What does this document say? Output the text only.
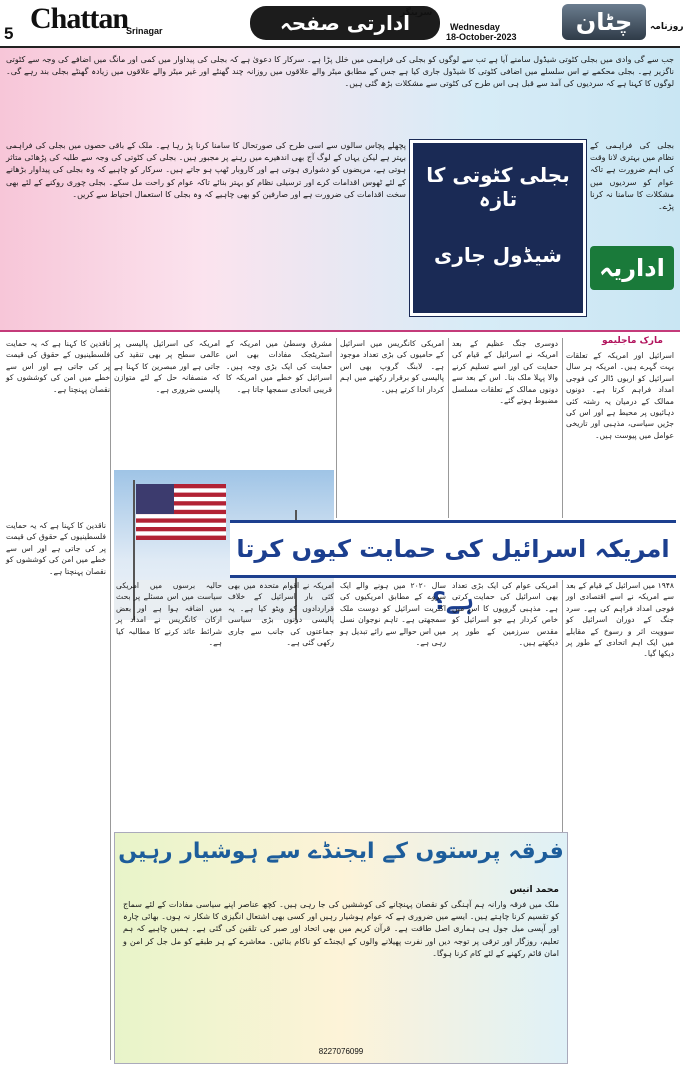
5 Chattan
Srinagar	ادارتی صفحہ	Wednesday
18-October-2023
چٹان	روزنامہ
سرینگر
جب سے گی وادی میں بجلی کٹوتی شیڈول سامنے آیا ہے تب سے لوگوں کو بجلی کی فراہمی میں خلل پڑا ہے۔ سرکار کا دعویٰ ہے کہ بجلی کی پیداوار میں کمی اور مانگ میں اضافے کی وجہ سے کٹوتی ناگزیر ہے۔ بجلی محکمے نے اس سلسلے میں اضافی کٹوتی کا شیڈول جاری کیا ہے جس کے مطابق میٹر والے علاقوں میں روزانہ چند گھنٹے اور غیر میٹر والے علاقوں میں زیادہ گھنٹے بجلی بند رہے گی۔ لوگوں کا کہنا ہے کہ سردیوں کی آمد سے قبل ہی اس طرح کی کٹوتی سے مشکلات بڑھ گئی ہیں۔
پچھلے پچاس سالوں سے اسی طرح کی صورتحال کا سامنا کرنا پڑ رہا ہے۔ ملک کے باقی حصوں میں بجلی کی فراہمی بہتر ہے لیکن یہاں کے لوگ آج بھی اندھیرے میں رہنے پر مجبور ہیں۔ بجلی کی کٹوتی کی وجہ سے طلبہ کی پڑھائی متاثر ہوتی ہے، مریضوں کو دشواری ہوتی ہے اور کاروبار ٹھپ ہو جاتے ہیں۔ سرکار کو چاہیے کہ وہ بجلی کی پیداوار بڑھانے کے لئے ٹھوس اقدامات کرے اور ترسیلی نظام کو بہتر بنائے تاکہ عوام کو راحت مل سکے۔ بجلی چوری روکنے کے لئے بھی سخت اقدامات کی ضرورت ہے اور صارفین کو بھی چاہیے کہ وہ بجلی کا استعمال احتیاط سے کریں۔
بجلی کٹوتی کا تازہ
شیڈول جاری
بجلی کی فراہمی کے نظام میں بہتری لانا وقت کی اہم ضرورت ہے تاکہ عوام کو سردیوں میں مشکلات کا سامنا نہ کرنا پڑے۔
اداریہ
مارک ماجلیمو
اسرائیل اور امریکہ کے تعلقات بہت گہرے ہیں۔ امریکہ ہر سال اسرائیل کو اربوں ڈالر کی فوجی امداد فراہم کرتا ہے۔ دونوں ممالک کے درمیان یہ رشتہ کئی دہائیوں پر محیط ہے اور اس کی جڑیں سیاسی، مذہبی اور تاریخی عوامل میں پیوست ہیں۔
دوسری جنگ عظیم کے بعد امریکہ نے اسرائیل کے قیام کی حمایت کی اور اسے تسلیم کرنے والا پہلا ملک بنا۔ اس کے بعد سے دونوں ممالک کے تعلقات مسلسل مضبوط ہوتے گئے۔
امریکی کانگریس میں اسرائیل کے حامیوں کی بڑی تعداد موجود ہے۔ لابنگ گروپ بھی اس پالیسی کو برقرار رکھنے میں اہم کردار ادا کرتے ہیں۔
مشرق وسطیٰ میں امریکہ کے اسٹریٹجک مفادات بھی اس حمایت کی ایک بڑی وجہ ہیں۔ اسرائیل کو خطے میں امریکہ کا قریبی اتحادی سمجھا جاتا ہے۔
ناقدین کا کہنا ہے کہ یہ حمایت فلسطینیوں کے حقوق کی قیمت پر کی جاتی ہے اور اس سے خطے میں امن کی کوششوں کو نقصان پہنچتا ہے۔
امریکہ کی اسرائیل پالیسی پر عالمی سطح پر بھی تنقید کی جاتی ہے اور مبصرین کا کہنا ہے کہ منصفانہ حل کے لئے متوازن پالیسی ضروری ہے۔
امریکہ اسرائیل کی حمایت کیوں کرتا ہے؟
۱۹۴۸ میں اسرائیل کے قیام کے بعد سے امریکہ نے اسے اقتصادی اور فوجی امداد فراہم کی ہے۔ سرد جنگ کے دوران اسرائیل کو سوویت اثر و رسوخ کے مقابلے میں ایک اہم اتحادی کے طور پر دیکھا گیا۔
امریکی عوام کی ایک بڑی تعداد بھی اسرائیل کی حمایت کرتی ہے۔ مذہبی گروپوں کا اس میں خاص کردار ہے جو اسرائیل کو مقدس سرزمین کے طور پر دیکھتے ہیں۔
سال ۲۰۲۰ میں ہونے والے ایک سروے کے مطابق امریکیوں کی اکثریت اسرائیل کو دوست ملک سمجھتی ہے۔ تاہم نوجوان نسل میں اس حوالے سے رائے تبدیل ہو رہی ہے۔
امریکہ نے اقوام متحدہ میں بھی کئی بار اسرائیل کے خلاف قراردادوں کو ویٹو کیا ہے۔ یہ پالیسی دونوں بڑی سیاسی جماعتوں کی جانب سے جاری رکھی گئی ہے۔
حالیہ برسوں میں امریکی سیاست میں اس مسئلے پر بحث میں اضافہ ہوا ہے اور بعض ارکان کانگریس نے امداد پر شرائط عائد کرنے کا مطالبہ کیا ہے۔
ناقدین کا کہنا ہے کہ یہ حمایت فلسطینیوں کے حقوق کی قیمت پر کی جاتی ہے اور اس سے خطے میں امن کی کوششوں کو نقصان پہنچتا ہے۔
فرقہ پرستوں کے ایجنڈے سے ہوشیار رہیں
محمد انیس
ملک میں فرقہ وارانہ ہم آہنگی کو نقصان پہنچانے کی کوششیں کی جا رہی ہیں۔ کچھ عناصر اپنے سیاسی مفادات کے لئے سماج کو تقسیم کرنا چاہتے ہیں۔ ایسے میں ضروری ہے کہ عوام ہوشیار رہیں اور کسی بھی اشتعال انگیزی کا شکار نہ ہوں۔ بھائی چارہ اور آپسی میل جول ہی ہماری اصل طاقت ہے۔ قرآن کریم میں بھی اتحاد اور صبر کی تلقین کی گئی ہے۔ ہمیں چاہیے کہ ہم تعلیم، روزگار اور ترقی پر توجہ دیں اور نفرت پھیلانے والوں کے ایجنڈے کو ناکام بنائیں۔ معاشرے کے ہر طبقے کو مل جل کر امن و امان قائم رکھنے کے لئے کام کرنا ہوگا۔
8227076099
